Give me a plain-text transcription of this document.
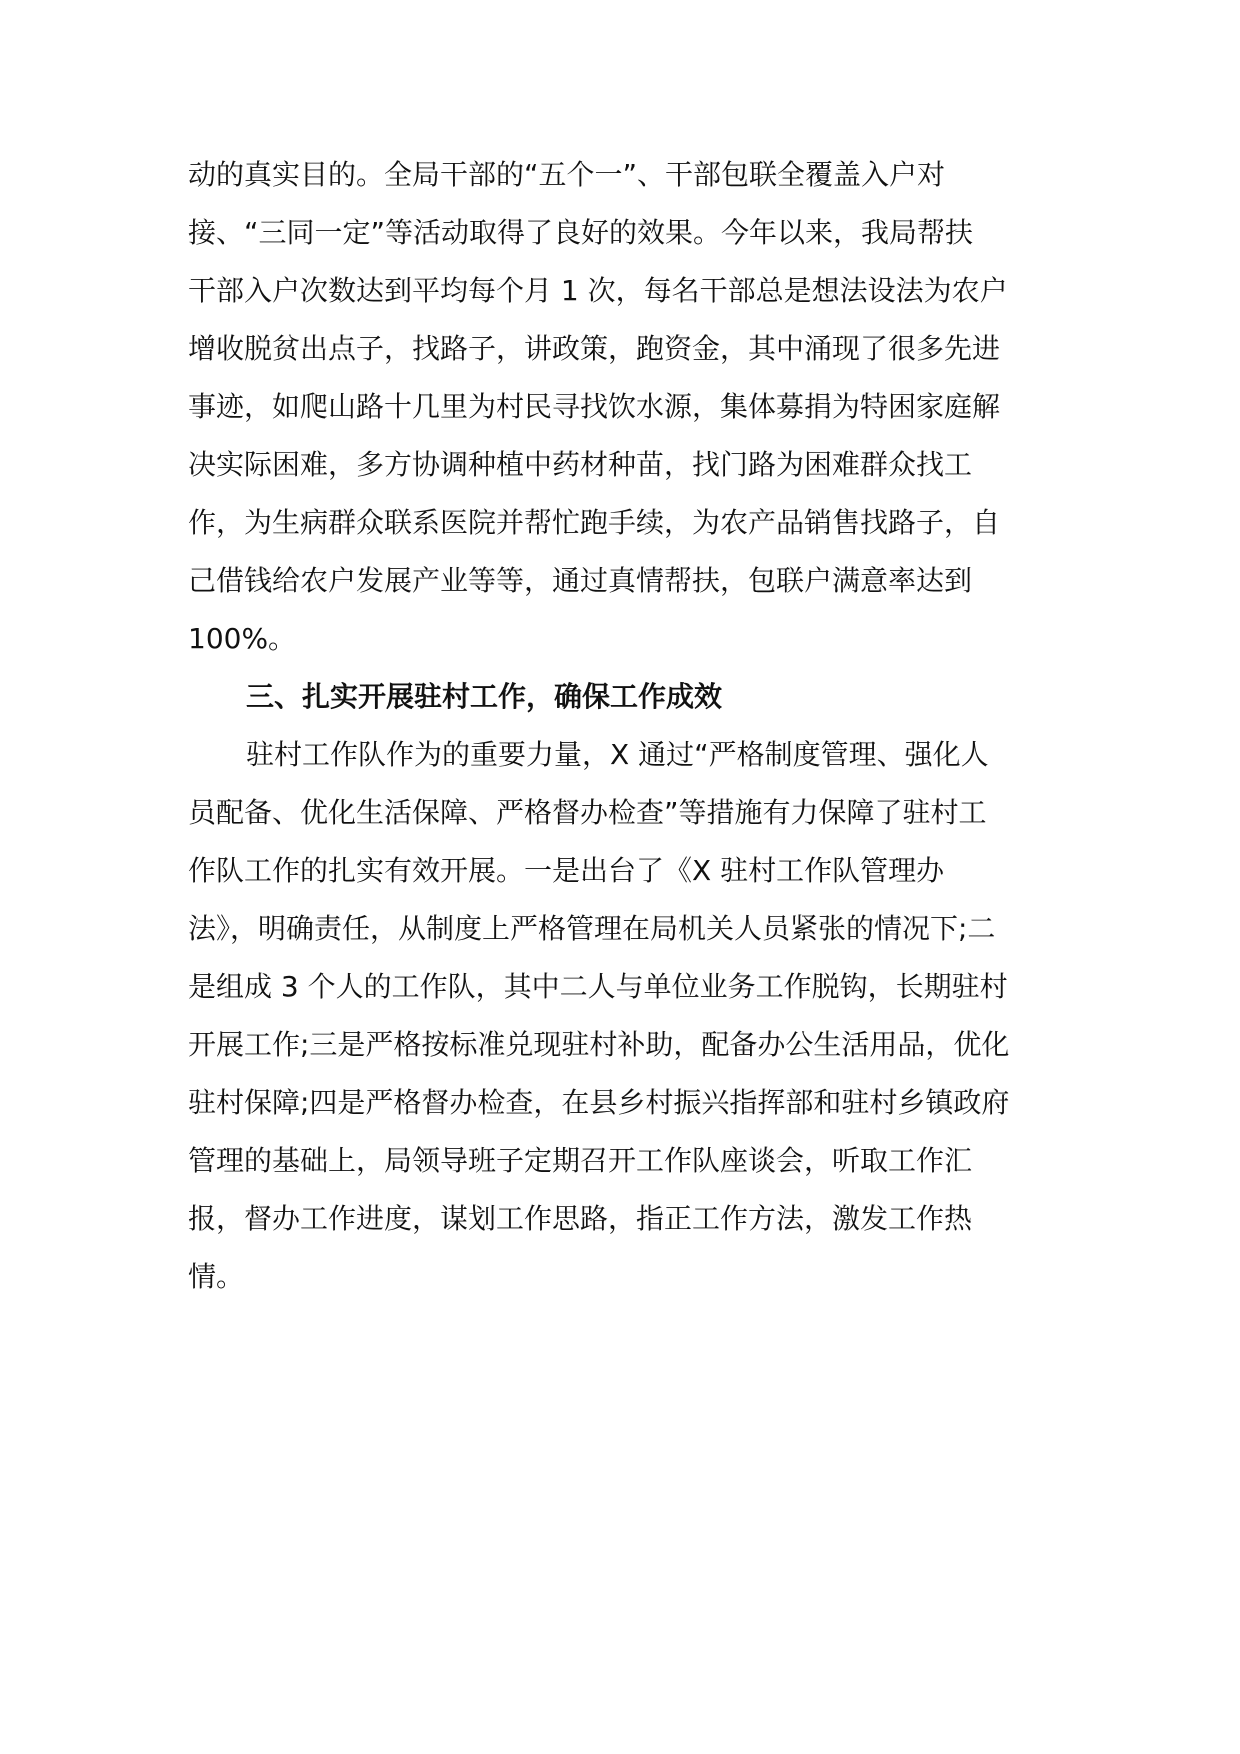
动的真实目的。全局干部的“五个一”、干部包联全覆盖入户对

接、“三同一定”等活动取得了良好的效果。今年以来，我局帮扶

干部入户次数达到平均每个月 1 次，每名干部总是想法设法为农户

增收脱贫出点子，找路子，讲政策，跑资金，其中涌现了很多先进

事迹，如爬山路十几里为村民寻找饮水源，集体募捐为特困家庭解

决实际困难，多方协调种植中药材种苗，找门路为困难群众找工

作，为生病群众联系医院并帮忙跑手续，为农产品销售找路子，自

己借钱给农户发展产业等等，通过真情帮扶，包联户满意率达到

100%。

三、扎实开展驻村工作，确保工作成效

驻村工作队作为的重要力量，X 通过“严格制度管理、强化人

员配备、优化生活保障、严格督办检查”等措施有力保障了驻村工

作队工作的扎实有效开展。一是出台了《X 驻村工作队管理办

法》，明确责任，从制度上严格管理在局机关人员紧张的情况下;二

是组成 3 个人的工作队，其中二人与单位业务工作脱钩，长期驻村

开展工作;三是严格按标准兑现驻村补助，配备办公生活用品，优化

驻村保障;四是严格督办检查，在县乡村振兴指挥部和驻村乡镇政府

管理的基础上，局领导班子定期召开工作队座谈会，听取工作汇

报，督办工作进度，谋划工作思路，指正工作方法，激发工作热

情。
